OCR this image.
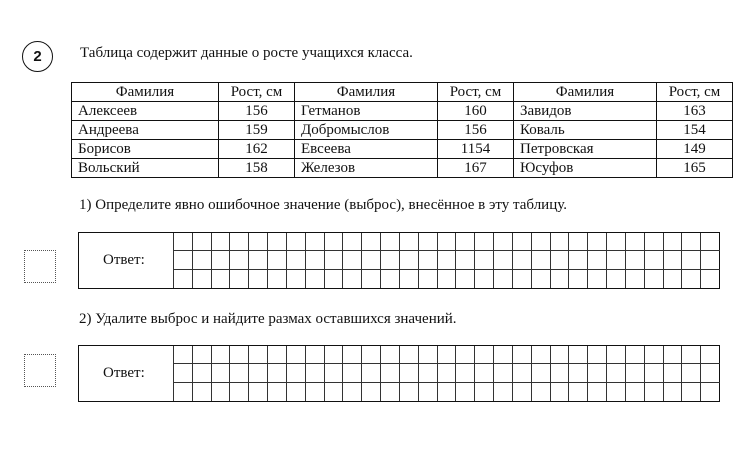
2	Таблица содержит данные о росте учащихся класса.
Фамилия	Рост, см	Фамилия	Рост, см	Фамилия	Рост, см
Алексеев	156	Гетманов	160	Завидов	163
Андреева	159	Добромыслов	156	Коваль	154
Борисов	162	Евсеева	1154	Петровская	149
Вольский	158	Железов	167	Юсуфов	165
1) Определите явно ошибочное значение (выброс), внесённое в эту таблицу.
Ответ:
2) Удалите выброс и найдите размах оставшихся значений.
Ответ:
